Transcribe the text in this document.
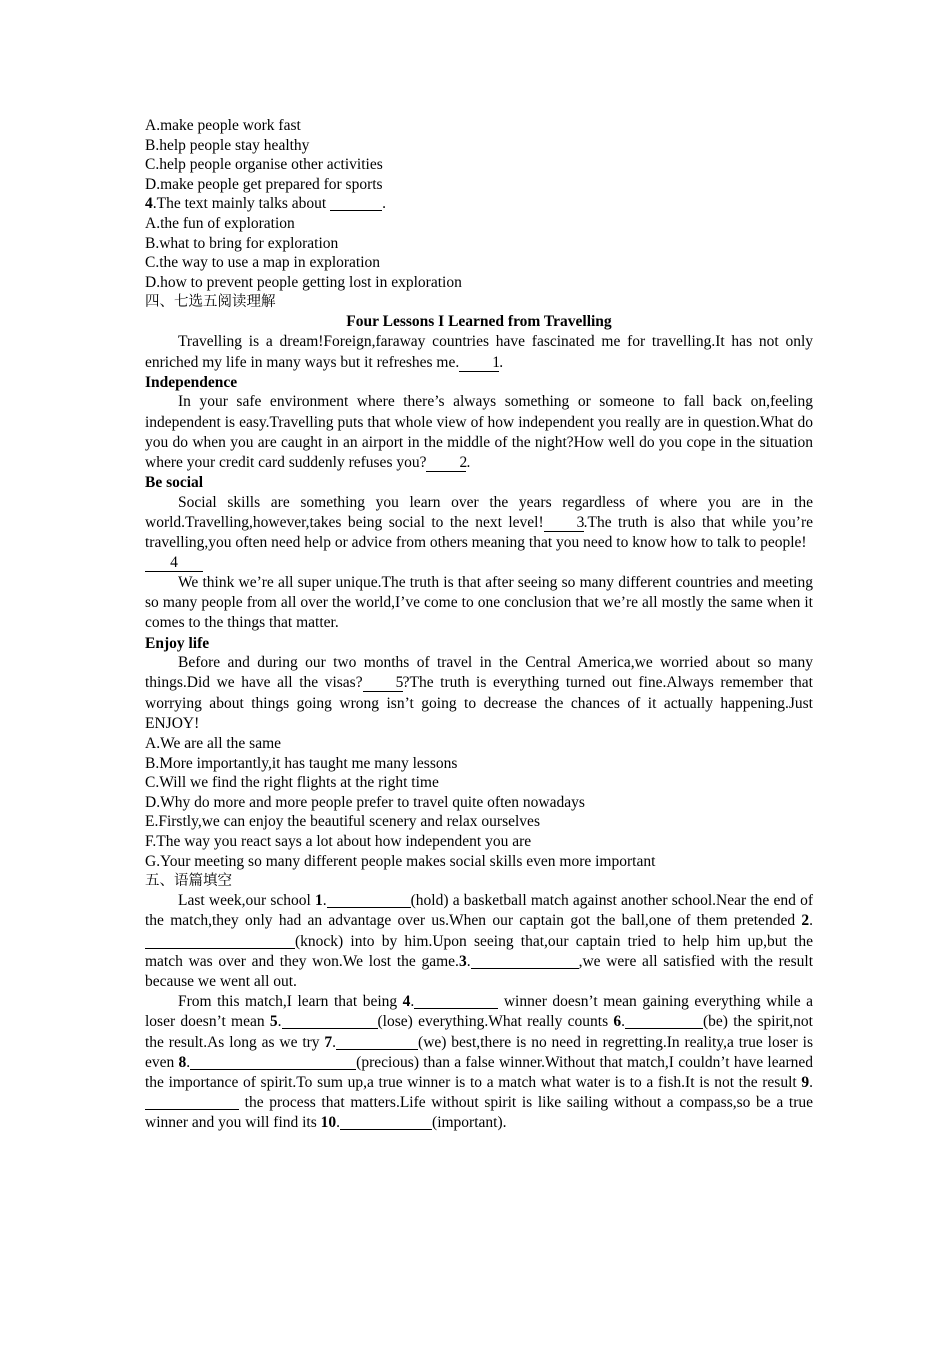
A.make people work fast
B.help people stay healthy
C.help people organise other activities
D.make people get prepared for sports
4.The text mainly talks about	.
A.the fun of exploration
B.what to bring for exploration
C.the way to use a map in exploration
D.how to prevent people getting lost in exploration
四、七选五阅读理解
Four Lessons I Learned from Travelling
Travelling is a dream!Foreign,faraway countries have fascinated me for travelling.It has not only enriched my life in many ways but it refreshes me. 1.
Independence
In your safe environment where there’s always something or someone to fall back on,feeling independent is easy.Travelling puts that whole view of how independent you really are in question.What do you do when you are caught in an airport in the middle of the night?How well do you cope in the situation where your credit card suddenly refuses you? 2.
Be social
Social skills are something you learn over the years regardless of where you are in the world.Travelling,however,takes being social to the next level! 3.The truth is also that while you’re travelling,you often need help or advice from others meaning that you need to know how to talk to people!
4
We think we’re all super unique.The truth is that after seeing so many different countries and meeting so many people from all over the world,I’ve come to one conclusion that we’re all mostly the same when it comes to the things that matter.
Enjoy life
Before and during our two months of travel in the Central America,we worried about so many things.Did we have all the visas? 5?The truth is everything turned out fine.Always remember that worrying about things going wrong isn’t going to decrease the chances of it actually happening.Just ENJOY!
A.We are all the same
B.More importantly,it has taught me many lessons
C.Will we find the right flights at the right time
D.Why do more and more people prefer to travel quite often nowadays
E.Firstly,we can enjoy the beautiful scenery and relax ourselves
F.The way you react says a lot about how independent you are
G.Your meeting so many different people makes social skills even more important
五、语篇填空
Last week,our school 1.	(hold) a basketball match against another school.Near the end of the match,they only had an advantage over us.When our captain got the ball,one of them pretended 2.(knock) into by him.Upon seeing that,our captain tried to help him up,but the match was over and they won.We lost the game.3.	,we were all satisfied with the result because we went all out.
From this match,I learn that being 4.	winner doesn’t mean gaining everything while a loser doesn’t mean 5.	(lose) everything.What really counts 6.	(be) the spirit,not the result.As long as we try 7.	(we) best,there is no need in regretting.In reality,a true loser is even 8.	(precious) than a false winner.Without that match,I couldn’t have learned the importance of spirit.To sum up,a true winner is to a match what water is to a fish.It is not the result 9. the process that matters.Life without spirit is like sailing without a compass,so be a true winner and you will find its 10.	(important).
